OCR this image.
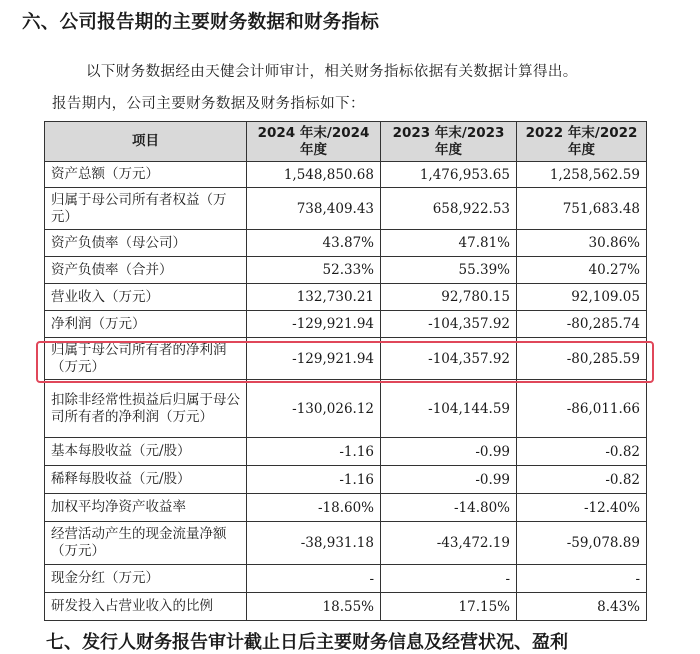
六、公司报告期的主要财务数据和财务指标
以下财务数据经由天健会计师审计，相关财务指标依据有关数据计算得出。
报告期内，公司主要财务数据及财务指标如下：
项目	2024 年末/2024 年度	2023 年末/2023 年度	2022 年末/2022 年度
资产总额（万元）	1,548,850.68	1,476,953.65	1,258,562.59
归属于母公司所有者权益（万元）	738,409.43	658,922.53	751,683.48
资产负债率（母公司）	43.87%	47.81%	30.86%
资产负债率（合并）	52.33%	55.39%	40.27%
营业收入（万元）	132,730.21	92,780.15	92,109.05
净利润（万元）	-129,921.94	-104,357.92	-80,285.74
归属于母公司所有者的净利润（万元）	-129,921.94	-104,357.92	-80,285.59
扣除非经常性损益后归属于母公司所有者的净利润（万元）	-130,026.12	-104,144.59	-86,011.66
基本每股收益（元/股）	-1.16	-0.99	-0.82
稀释每股收益（元/股）	-1.16	-0.99	-0.82
加权平均净资产收益率	-18.60%	-14.80%	-12.40%
经营活动产生的现金流量净额（万元）	-38,931.18	-43,472.19	-59,078.89
现金分红（万元）	-	-	-
研发投入占营业收入的比例	18.55%	17.15%	8.43%
七、发行人财务报告审计截止日后主要财务信息及经营状况、盈利
